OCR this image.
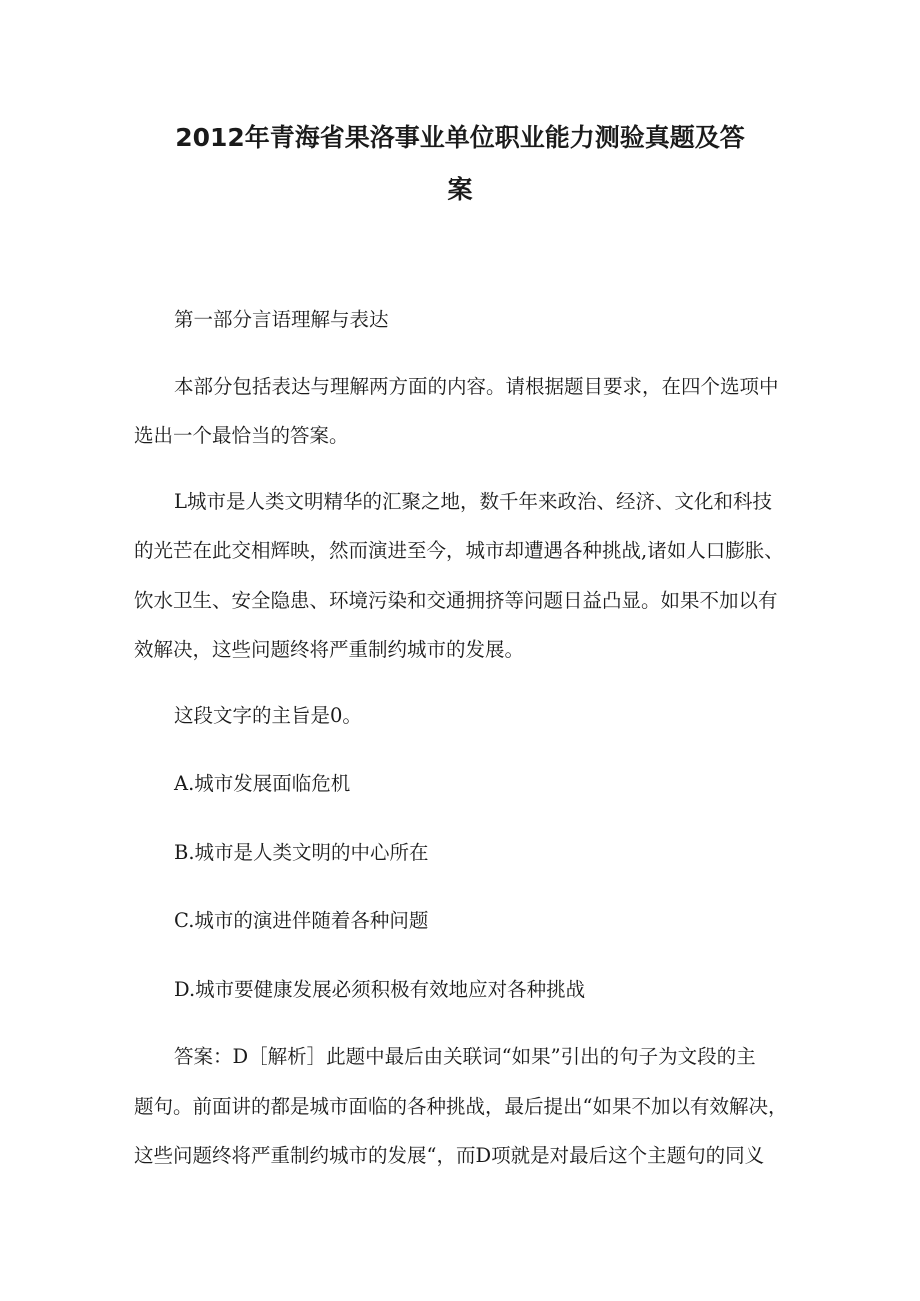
2012年青海省果洛事业单位职业能力测验真题及答
案

第一部分言语理解与表达

本部分包括表达与理解两方面的内容。请根据题目要求，在四个选项中

选出一个最恰当的答案。

L城市是人类文明精华的汇聚之地，数千年来政治、经济、文化和科技

的光芒在此交相辉映，然而演进至今，城市却遭遇各种挑战,诸如人口膨胀、

饮水卫生、安全隐患、环境污染和交通拥挤等问题日益凸显。如果不加以有

效解决，这些问题终将严重制约城市的发展。

这段文字的主旨是0。

A.城市发展面临危机

B.城市是人类文明的中心所在

C.城市的演进伴随着各种问题

D.城市要健康发展必须积极有效地应对各种挑战

答案：D［解析］此题中最后由关联词“如果”引出的句子为文段的主

题句。前面讲的都是城市面临的各种挑战，最后提出“如果不加以有效解决，

这些问题终将严重制约城市的发展“，而D项就是对最后这个主题句的同义
